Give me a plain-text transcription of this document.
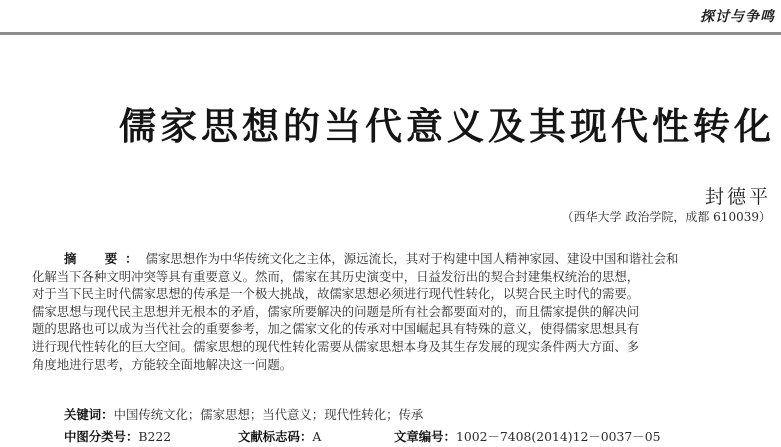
探讨与争鸣
儒家思想的当代意义及其现代性转化
封德平
（西华大学 政治学院，成都 610039）
摘　要：儒家思想作为中华传统文化之主体，源远流长，其对于构建中国人精神家园、建设中国和谐社会和
化解当下各种文明冲突等具有重要意义。然而，儒家在其历史演变中，日益发衍出的契合封建集权统治的思想，
对于当下民主时代儒家思想的传承是一个极大挑战，故儒家思想必须进行现代性转化，以契合民主时代的需要。
儒家思想与现代民主思想并无根本的矛盾，儒家所要解决的问题是所有社会都要面对的，而且儒家提供的解决问
题的思路也可以成为当代社会的重要参考，加之儒家文化的传承对中国崛起具有特殊的意义，使得儒家思想具有
进行现代性转化的巨大空间。儒家思想的现代性转化需要从儒家思想本身及其生存发展的现实条件两大方面、多
角度地进行思考，方能较全面地解决这一问题。
关键词：中国传统文化；儒家思想；当代意义；现代性转化；传承
中图分类号：B222	文献标志码：A	文章编号：1002－7408(2014)12－0037－05
